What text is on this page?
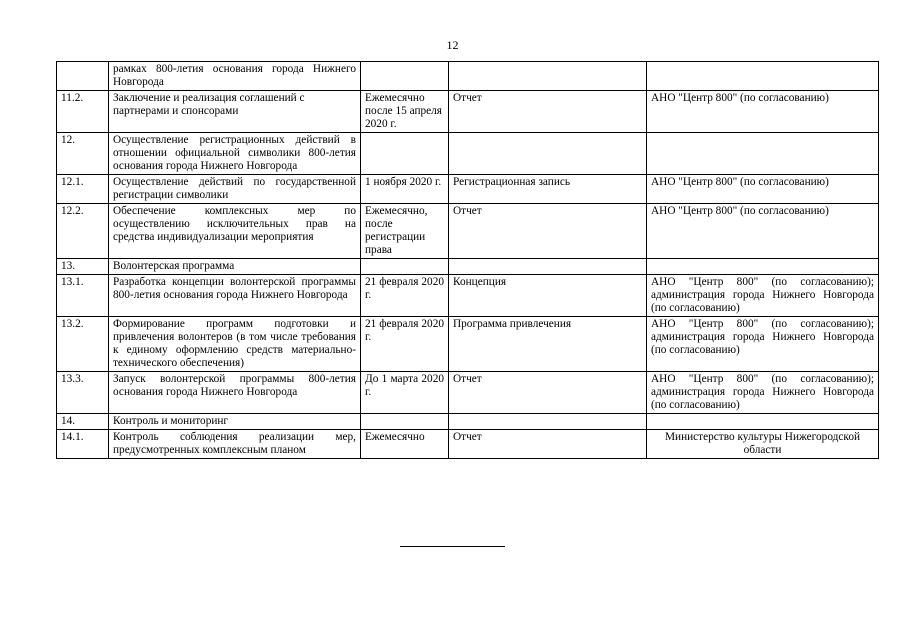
12
	рамках 800-летия основания города Нижнего Новгорода			
11.2.	Заключение и реализация соглашений с партнерами и спонсорами	Ежемесячно после 15 апреля 2020 г.	Отчет	АНО "Центр 800" (по согласованию)
12.	Осуществление регистрационных действий в отношении официальной символики 800-летия основания города Нижнего Новгорода			
12.1.	Осуществление действий по государственной регистрации символики	1 ноября 2020 г.	Регистрационная запись	АНО "Центр 800" (по согласованию)
12.2.	Обеспечение комплексных мер по осуществлению исключительных прав на средства индивидуализации мероприятия	Ежемесячно, после регистрации права	Отчет	АНО "Центр 800" (по согласованию)
13.	Волонтерская программа			
13.1.	Разработка концепции волонтерской программы 800-летия основания города Нижнего Новгорода	21 февраля 2020 г.	Концепция	АНО "Центр 800" (по согласованию); администрация города Нижнего Новгорода (по согласованию)
13.2.	Формирование программ подготовки и привлечения волонтеров (в том числе требования к единому оформлению средств материально-технического обеспечения)	21 февраля 2020 г.	Программа привлечения	АНО "Центр 800" (по согласованию); администрация города Нижнего Новгорода (по согласованию)
13.3.	Запуск волонтерской программы 800-летия основания города Нижнего Новгорода	До 1 марта 2020 г.	Отчет	АНО "Центр 800" (по согласованию); администрация города Нижнего Новгорода (по согласованию)
14.	Контроль и мониторинг			
14.1.	Контроль соблюдения реализации мер, предусмотренных комплексным планом	Ежемесячно	Отчет	Министерство культуры Нижегородской области
